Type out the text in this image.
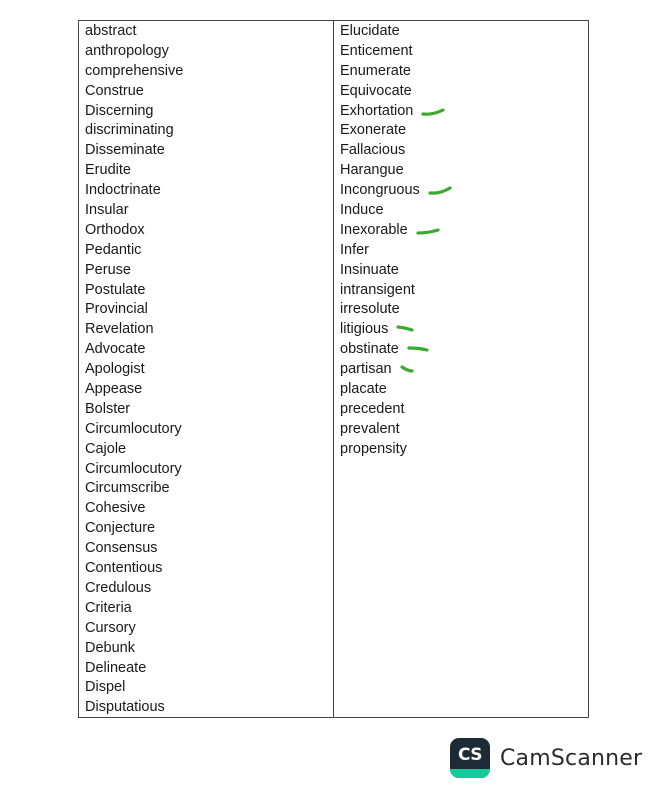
abstract
anthropology
comprehensive
Construe
Discerning
discriminating
Disseminate
Erudite
Indoctrinate
Insular
Orthodox
Pedantic
Peruse
Postulate
Provincial
Revelation
Advocate
Apologist
Appease
Bolster
Circumlocutory
Cajole
Circumlocutory
Circumscribe
Cohesive
Conjecture
Consensus
Contentious
Credulous
Criteria
Cursory
Debunk
Delineate
Dispel
Disputatious
Elucidate
Enticement
Enumerate
Equivocate
Exhortation
Exonerate
Fallacious
Harangue
Incongruous
Induce
Inexorable
Infer
Insinuate
intransigent
irresolute
litigious
obstinate
partisan
placate
precedent
prevalent
propensity
CS CamScanner
